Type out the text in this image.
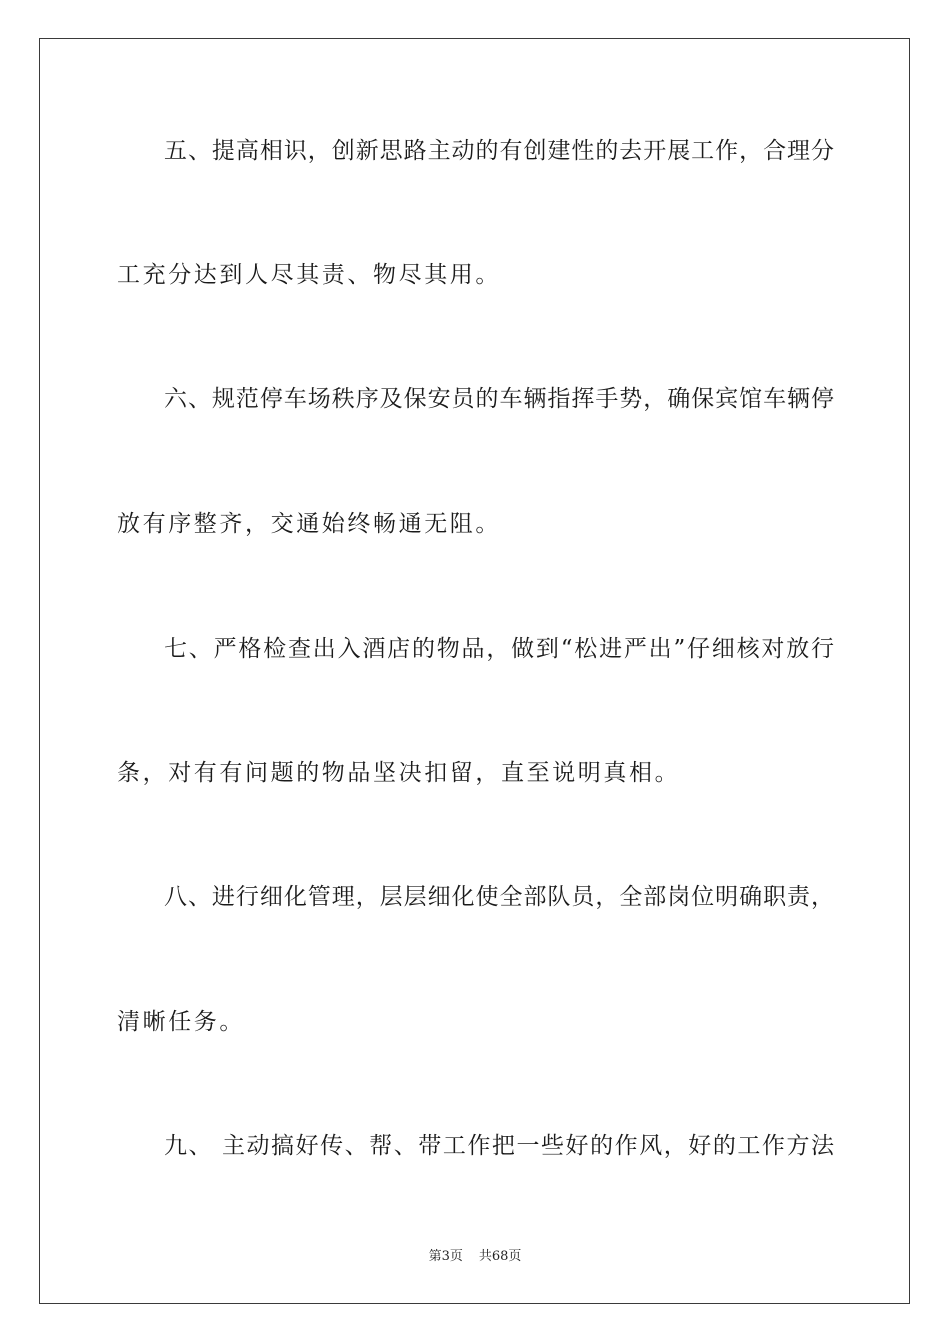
五、提高相识，创新思路主动的有创建性的去开展工作，合理分
工充分达到人尽其责、物尽其用。
六、规范停车场秩序及保安员的车辆指挥手势，确保宾馆车辆停
放有序整齐，交通始终畅通无阻。
七、严格检查出入酒店的物品，做到“松进严出”仔细核对放行
条，对有有问题的物品坚决扣留，直至说明真相。
八、进行细化管理，层层细化使全部队员，全部岗位明确职责，
清晰任务。
九、 主动搞好传、帮、带工作把一些好的作风，好的工作方法
第3页 共68页
